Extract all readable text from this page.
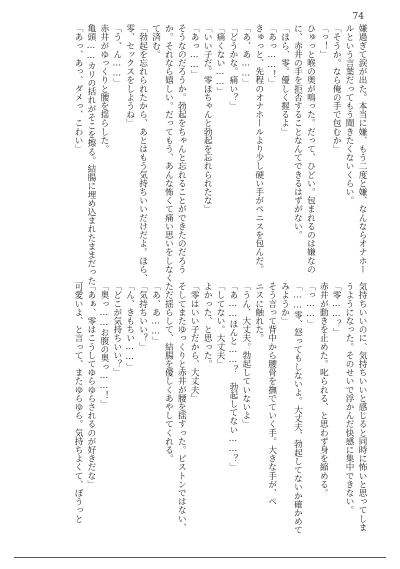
74
嫌過ぎて涙が出た。本当に嫌、もう二度と嫌、なんならオナホー
ルという言葉だってもう聞きたくないくらい。
「そうか。なら俺の手で包むか」
「っ！」
ひゅっと喉の奥が鳴った。だって、ひどい。包まれるのは嫌なの
に、赤井の手を拒否することなんてできるはずがない。
「ほら、零。優しく握るよ」
「あっ……！」
きゅっと、先程のオナホールより少し硬い手がペニスを包んだ。
「あ、あ……」
「どうかな。痛い？」
「痛くない……」
「いい子だ。零ほちゃんと勃起を忘れられたな」
「あっ……」
そうなのだろうか。勃起をちゃんと忘れることができたのだろう
か。それなら嬉しい。だってもう、あんな怖くて痛い思いをしなく
て済む。
「勃起を忘れられたから、あとはもう気持ちいいだけだよ。ほら、
零、セックスをしようね」
「う、ん……」
赤井がゆっくりと腰を揺らした。
亀頭……カリの括れがそこを擦る。結腸に埋め込まれたままだった
「あっ、あっ、ダメっ、こわい」
気持ちいいのに、気持ちいいと感じると同時に怖いと思ってしま
うようになった。そのせいで浮かんだ快感に集中できない。
「零……？」
赤井が動きを止めた。叱られる、と思わず身を縮める。
「っ……」
「……零、怒ってもしないよ。大丈夫、勃起してないか確かめて
みようか」
そう言って背中から腰骨を撫でていく手。大きな手が、ペ
ニスに触れた。
「うん、大丈夫。勃起していないよ」
「あ……ほんと……？　勃起してない……？」
「してない。大丈夫」
よかった、と思った。
「零はいい子だから、大丈夫」
そしてまたゆっくりと赤井が腰を揺すった。ピストンではない、
ただ揺らして、結腸を優しくあやしてくれる。
「あ、あ……」
「気持ちいい？」
「ん、きもちい……」
「どこが気持ちいい？」
「奥っ……お腹の奥っ……！」
「あぁ、零はこうしてゆらゆらされるのが好きだな」
可愛いよ、と言って、またゆらゆら。気持ちよくて、ぼうっと
